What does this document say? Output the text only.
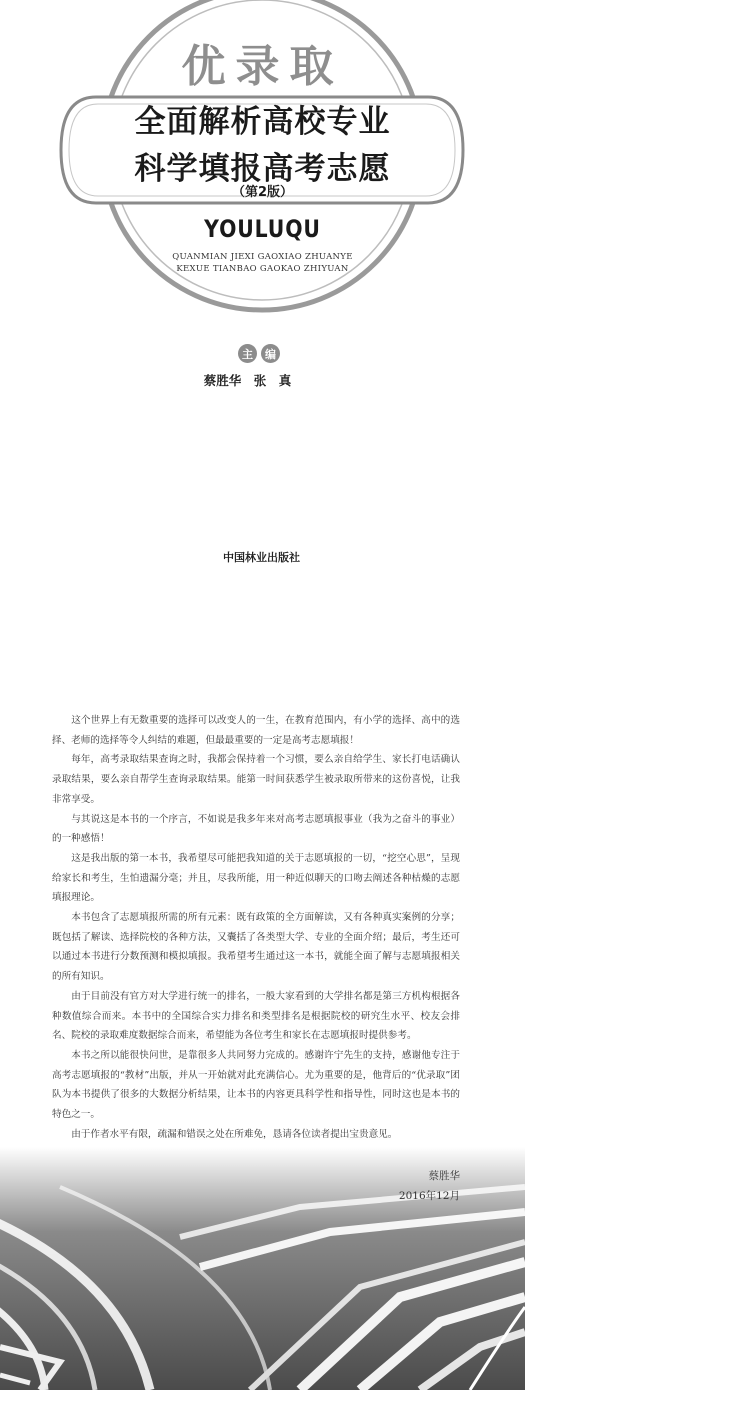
优录取
全面解析高校专业
科学填报高考志愿
（第2版）
YOULUQU
QUANMIAN JIEXI GAOXIAO ZHUANYE
KEXUE TIANBAO GAOKAO ZHIYUAN
主	编
蔡胜华　张　真
中国林业出版社

这个世界上有无数重要的选择可以改变人的一生，在教育范围内，有小学的选择、高中的选择、老师的选择等令人纠结的难题，但最最重要的一定是高考志愿填报！

每年，高考录取结果查询之时，我都会保持着一个习惯，要么亲自给学生、家长打电话确认录取结果，要么亲自帮学生查询录取结果。能第一时间获悉学生被录取所带来的这份喜悦，让我非常享受。

与其说这是本书的一个序言，不如说是我多年来对高考志愿填报事业（我为之奋斗的事业）的一种感悟！

这是我出版的第一本书，我希望尽可能把我知道的关于志愿填报的一切，“挖空心思”，呈现给家长和考生，生怕遗漏分毫；并且，尽我所能，用一种近似聊天的口吻去阐述各种枯燥的志愿填报理论。

本书包含了志愿填报所需的所有元素：既有政策的全方面解读，又有各种真实案例的分享；既包括了解读、选择院校的各种方法，又囊括了各类型大学、专业的全面介绍；最后，考生还可以通过本书进行分数预测和模拟填报。我希望考生通过这一本书，就能全面了解与志愿填报相关的所有知识。

由于目前没有官方对大学进行统一的排名，一般大家看到的大学排名都是第三方机构根据各种数值综合而来。本书中的全国综合实力排名和类型排名是根据院校的研究生水平、校友会排名、院校的录取难度数据综合而来，希望能为各位考生和家长在志愿填报时提供参考。

本书之所以能很快问世，是靠很多人共同努力完成的。感谢许宁先生的支持，感谢他专注于高考志愿填报的“教材”出版，并从一开始就对此充满信心。尤为重要的是，他背后的“优录取”团队为本书提供了很多的大数据分析结果，让本书的内容更具科学性和指导性，同时这也是本书的特色之一。

由于作者水平有限，疏漏和错误之处在所难免，恳请各位读者提出宝贵意见。

蔡胜华
2016年12月
